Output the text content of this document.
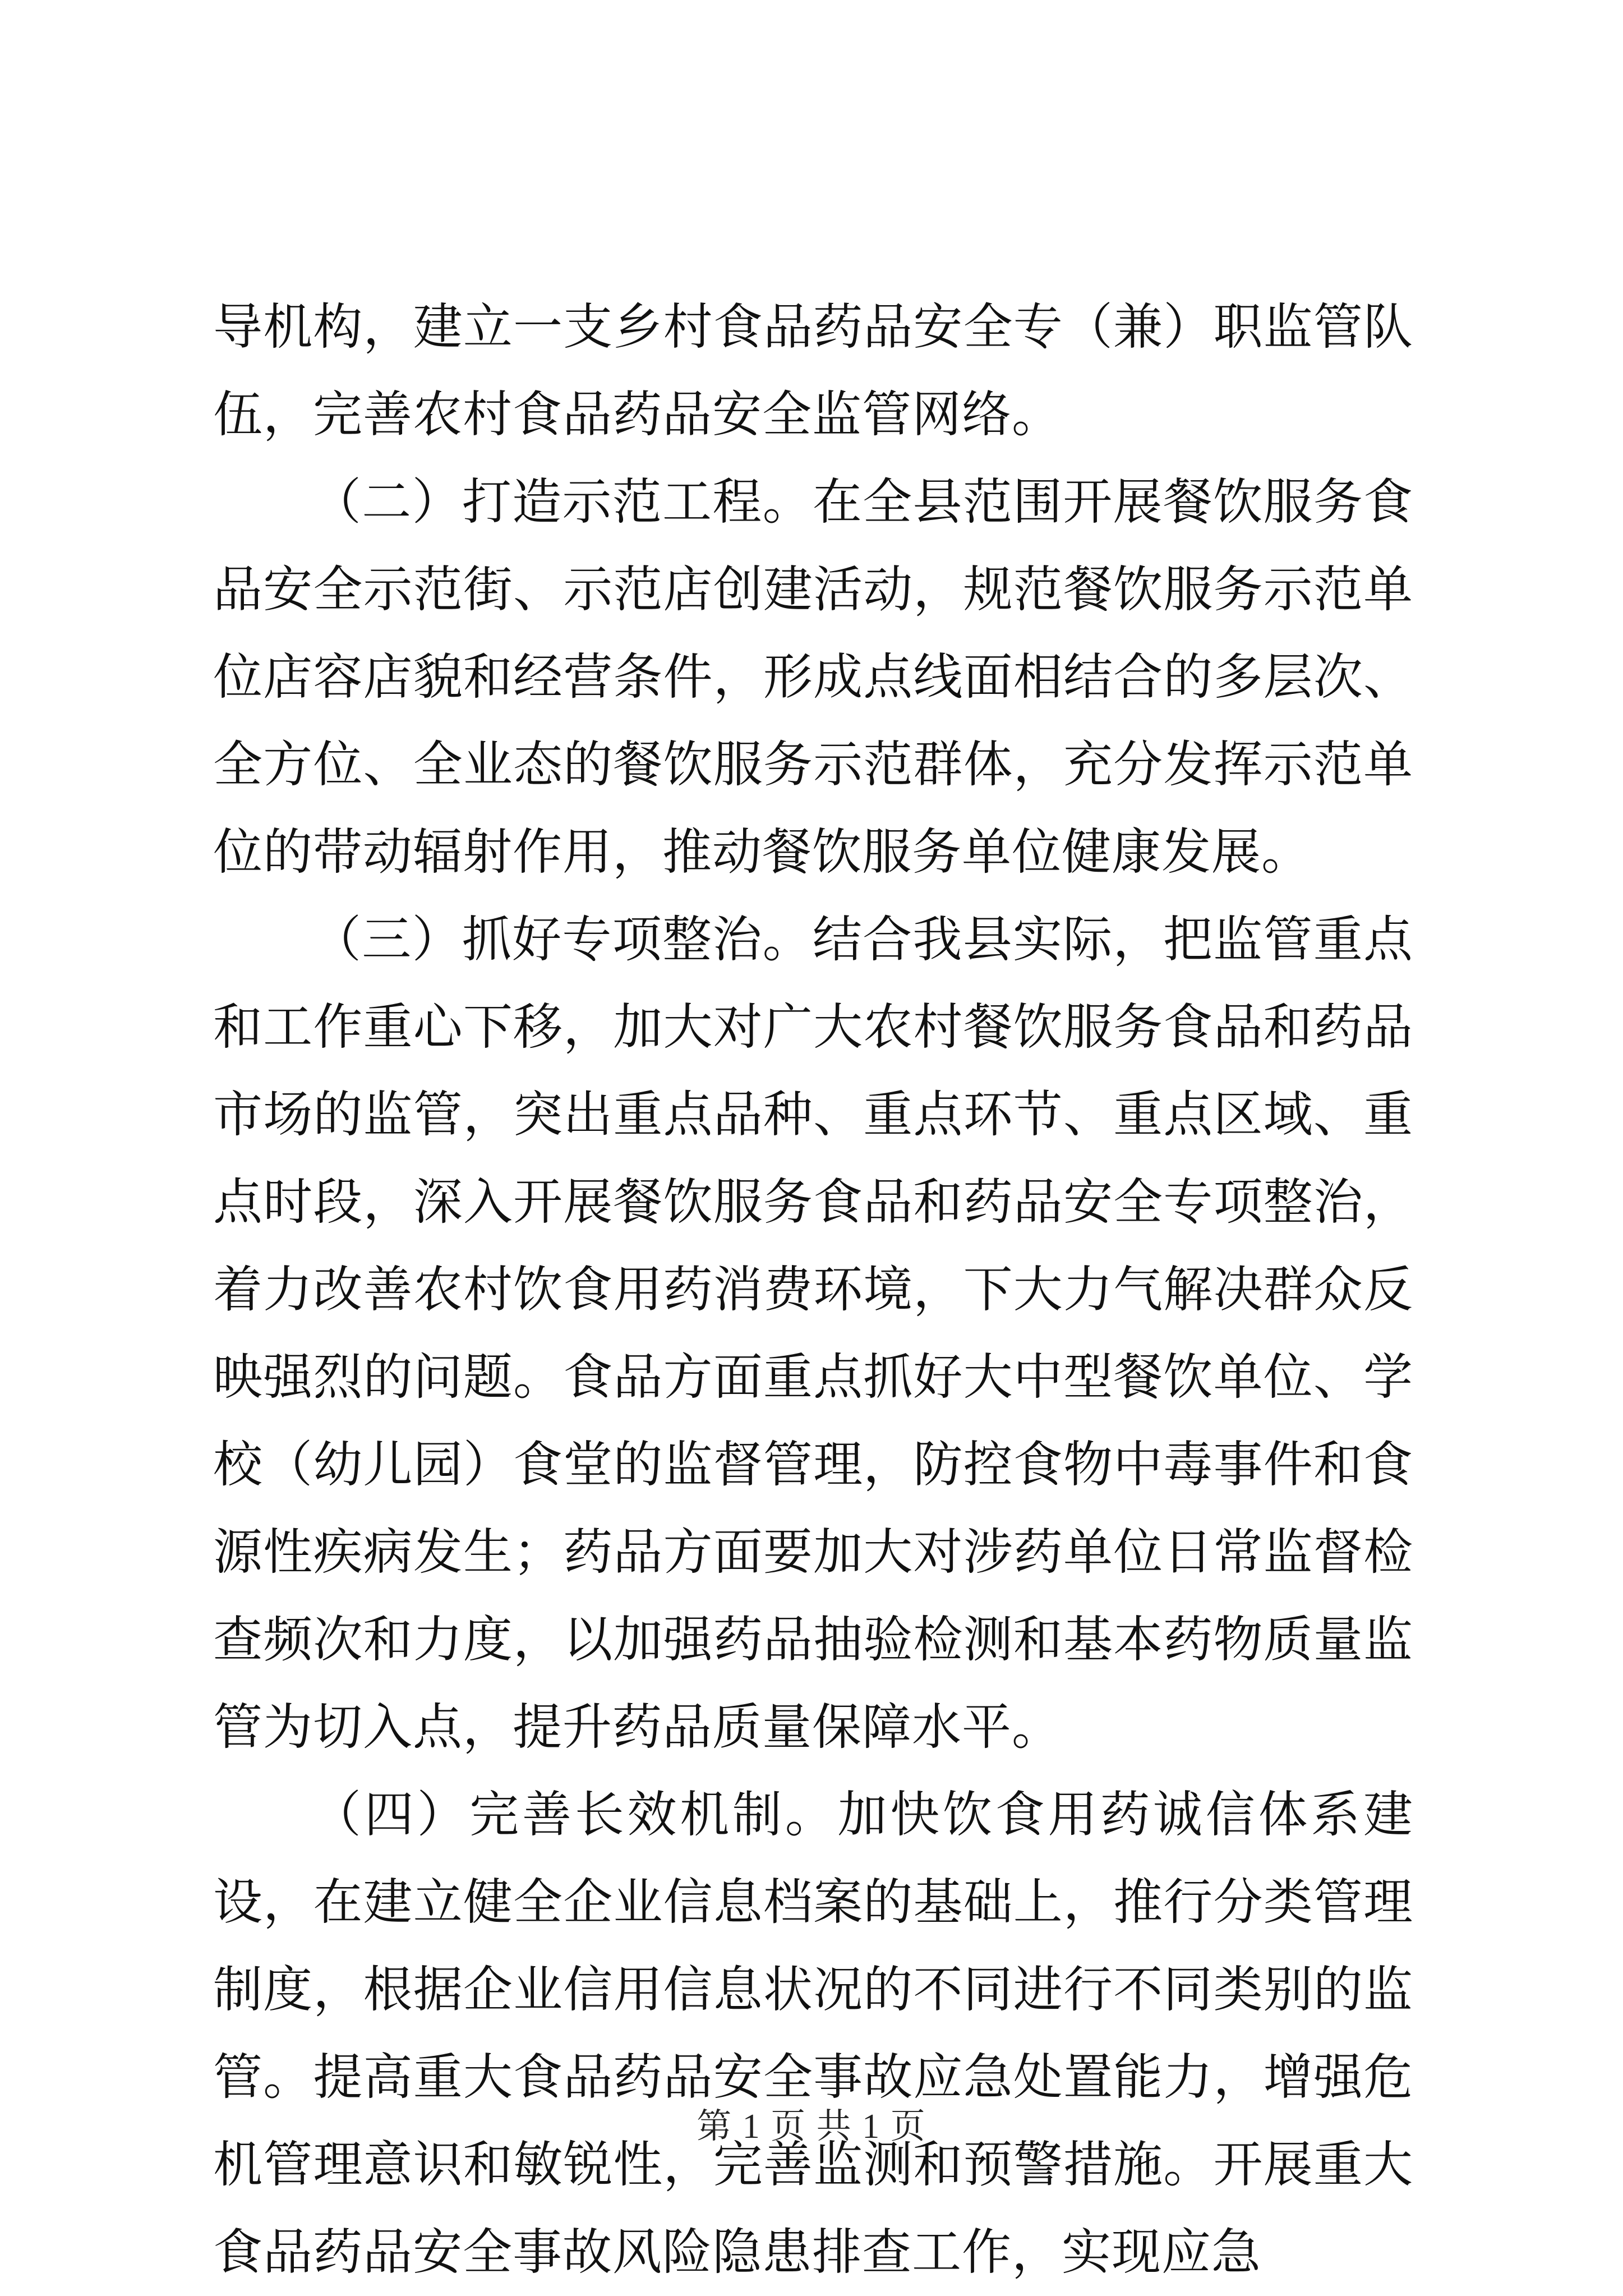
导机构，建立一支乡村食品药品安全专（兼）职监管队伍，完善农村食品药品安全监管网络。

（二）打造示范工程。在全县范围开展餐饮服务食品安全示范街、示范店创建活动，规范餐饮服务示范单位店容店貌和经营条件，形成点线面相结合的多层次、全方位、全业态的餐饮服务示范群体，充分发挥示范单位的带动辐射作用，推动餐饮服务单位健康发展。

（三）抓好专项整治。结合我县实际，把监管重点和工作重心下移，加大对广大农村餐饮服务食品和药品市场的监管，突出重点品种、重点环节、重点区域、重点时段，深入开展餐饮服务食品和药品安全专项整治，着力改善农村饮食用药消费环境，下大力气解决群众反映强烈的问题。食品方面重点抓好大中型餐饮单位、学校（幼儿园）食堂的监督管理，防控食物中毒事件和食源性疾病发生；药品方面要加大对涉药单位日常监督检查频次和力度，以加强药品抽验检测和基本药物质量监管为切入点，提升药品质量保障水平。

（四）完善长效机制。加快饮食用药诚信体系建设，在建立健全企业信息档案的基础上，推行分类管理制度，根据企业信用信息状况的不同进行不同类别的监管。提高重大食品药品安全事故应急处置能力，增强危机管理意识和敏锐性，完善监测和预警措施。开展重大食品药品安全事故风险隐患排查工作，实现应急

第 1 页 共 1 页
